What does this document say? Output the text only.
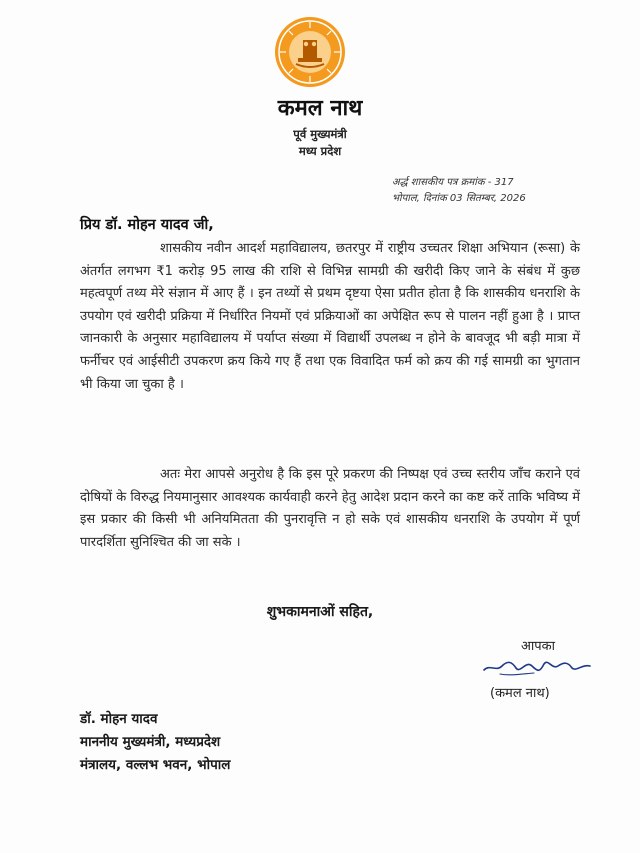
कमल नाथ
पूर्व मुख्यमंत्री
मध्य प्रदेश
अर्द्ध शासकीय पत्र क्रमांक - 317
भोपाल, दिनांक 03 सितम्बर, 2026
प्रिय डॉ. मोहन यादव जी,
शासकीय नवीन आदर्श महाविद्यालय, छतरपुर में राष्ट्रीय उच्चतर शिक्षा अभियान (रूसा) के अंतर्गत लगभग ₹1 करोड़ 95 लाख की राशि से विभिन्न सामग्री की खरीदी किए जाने के संबंध में कुछ महत्वपूर्ण तथ्य मेरे संज्ञान में आए हैं । इन तथ्यों से प्रथम दृष्टया ऐसा प्रतीत होता है कि शासकीय धनराशि के उपयोग एवं खरीदी प्रक्रिया में निर्धारित नियमों एवं प्रक्रियाओं का अपेक्षित रूप से पालन नहीं हुआ है । प्राप्त जानकारी के अनुसार महाविद्यालय में पर्याप्त संख्या में विद्यार्थी उपलब्ध न होने के बावजूद भी बड़ी मात्रा में फर्नीचर एवं आईसीटी उपकरण क्रय किये गए हैं तथा एक विवादित फर्म को क्रय की गई सामग्री का भुगतान भी किया जा चुका है ।
अतः मेरा आपसे अनुरोध है कि इस पूरे प्रकरण की निष्पक्ष एवं उच्च स्तरीय जाँच कराने एवं दोषियों के विरुद्ध नियमानुसार आवश्यक कार्यवाही करने हेतु आदेश प्रदान करने का कष्ट करें ताकि भविष्य में इस प्रकार की किसी भी अनियमितता की पुनरावृत्ति न हो सके एवं शासकीय धनराशि के उपयोग में पूर्ण पारदर्शिता सुनिश्चित की जा सके ।
शुभकामनाओं सहित,
आपका
(कमल नाथ)
डॉ. मोहन यादव
माननीय मुख्यमंत्री, मध्यप्रदेश
मंत्रालय, वल्लभ भवन, भोपाल
